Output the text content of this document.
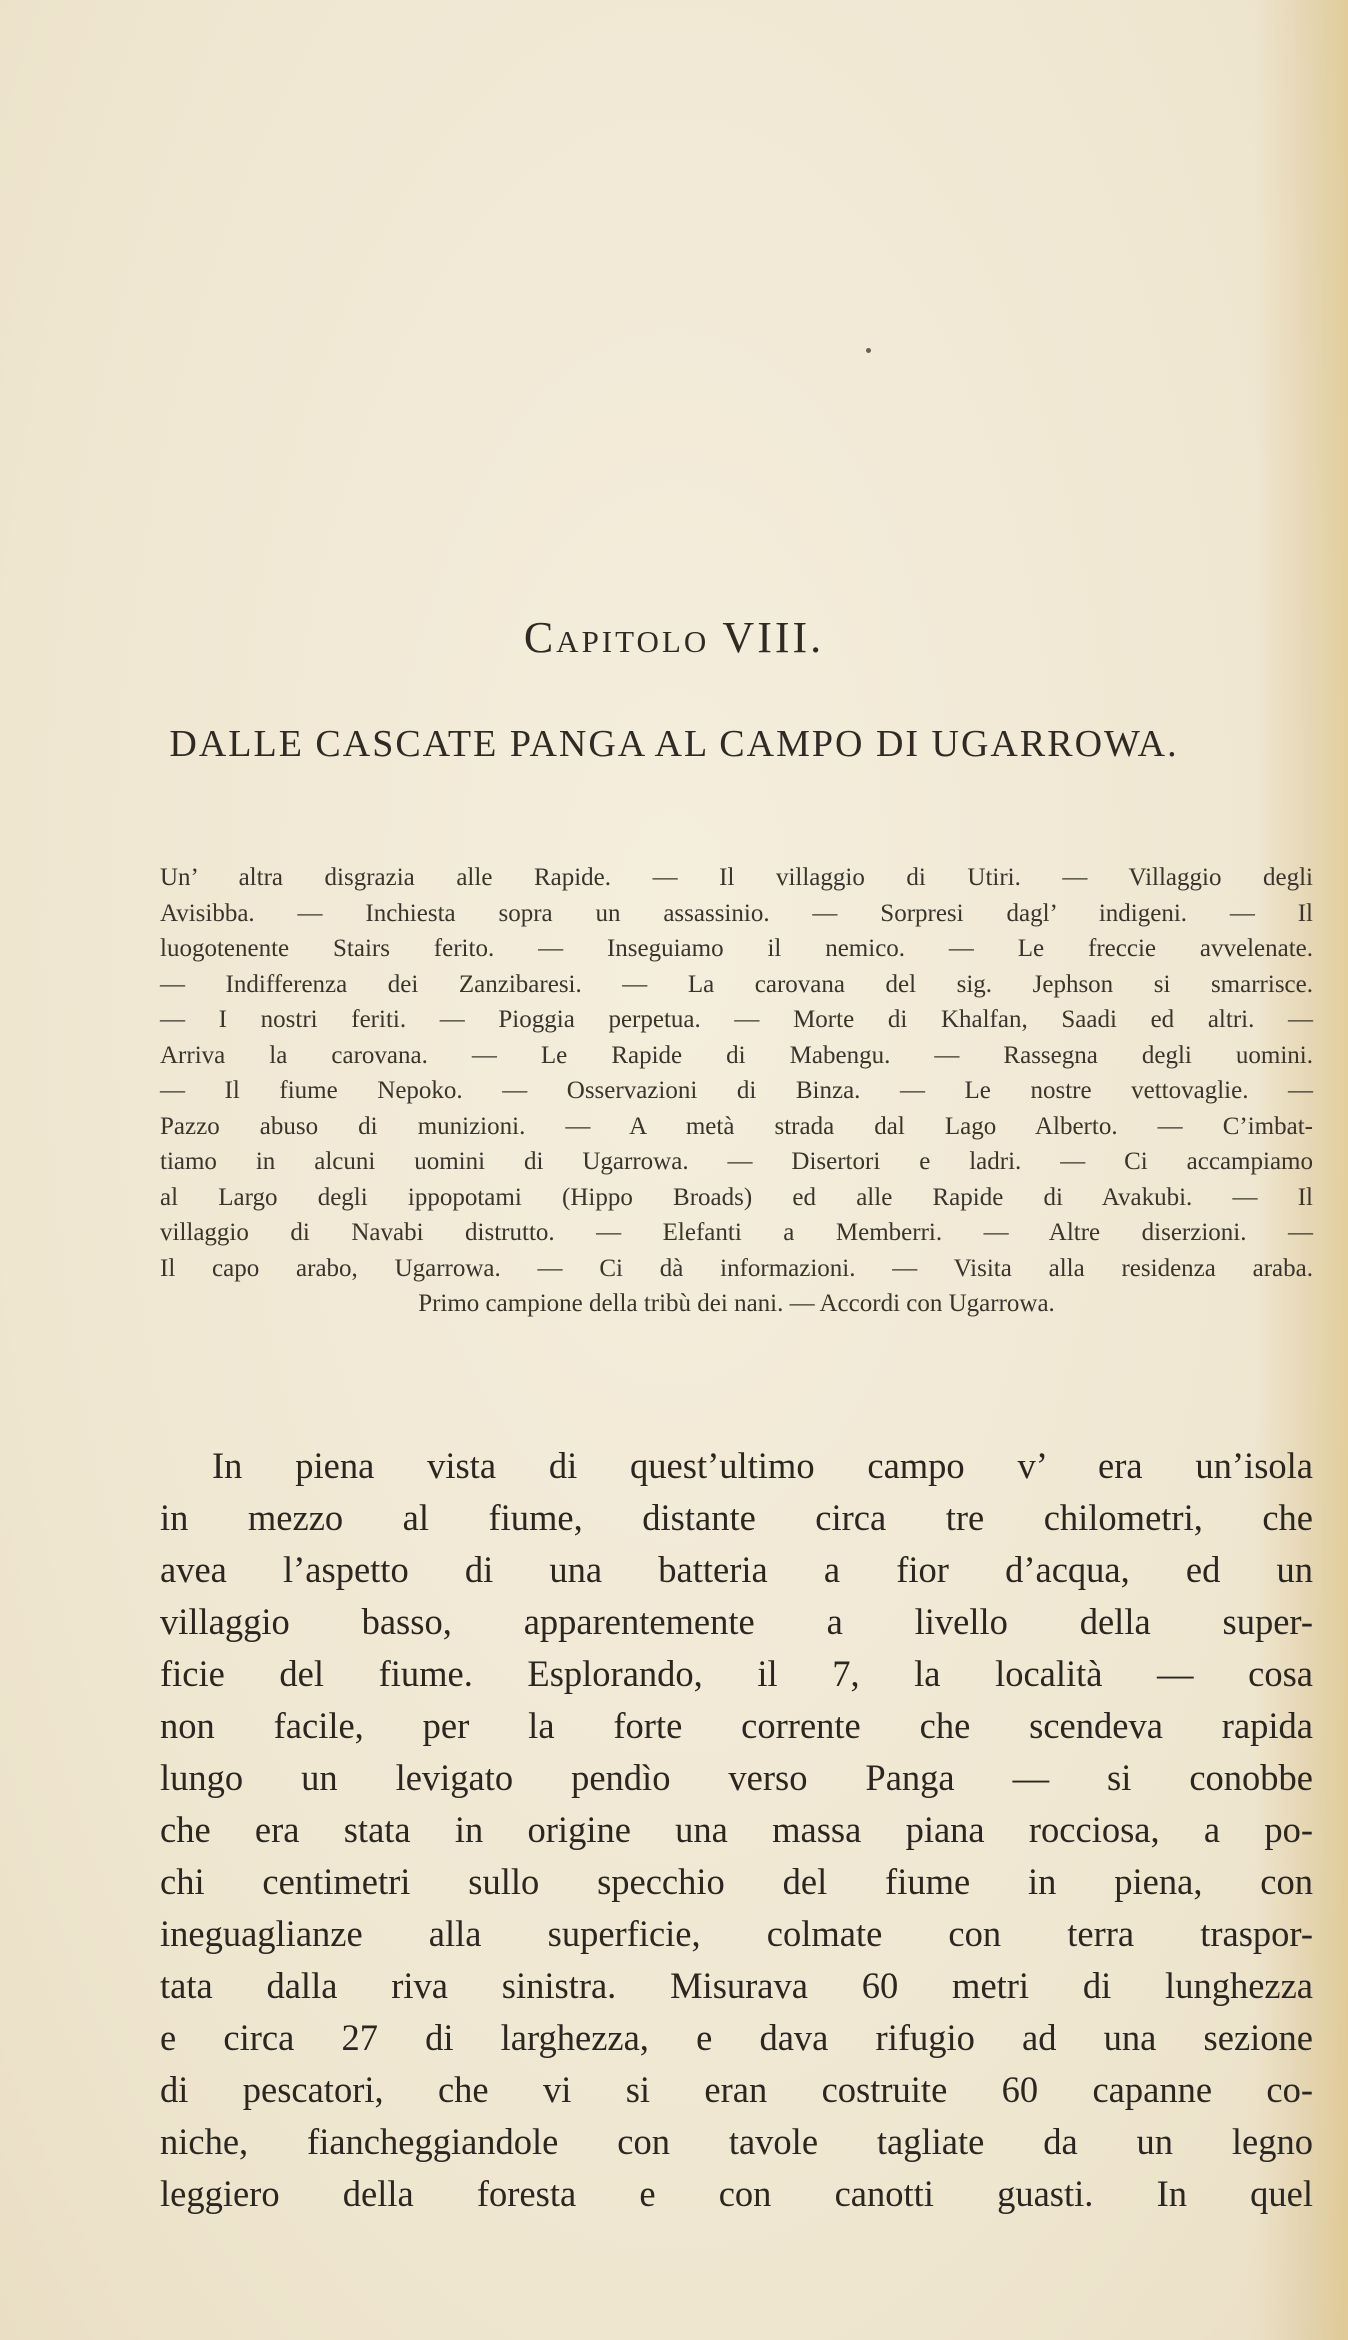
Capitolo VIII.
DALLE CASCATE PANGA AL CAMPO DI UGARROWA.
Un’ altra disgrazia alle Rapide. — Il villaggio di Utiri. — Villaggio degli
Avisibba. — Inchiesta sopra un assassinio. — Sorpresi dagl’ indigeni. — Il
luogotenente Stairs ferito. — Inseguiamo il nemico. — Le freccie avvelenate.
— Indifferenza dei Zanzibaresi. — La carovana del sig. Jephson si smarrisce.
— I nostri feriti. — Pioggia perpetua. — Morte di Khalfan, Saadi ed altri. —
Arriva la carovana. — Le Rapide di Mabengu. — Rassegna degli uomini.
— Il fiume Nepoko. — Osservazioni di Binza. — Le nostre vettovaglie. —
Pazzo abuso di munizioni. — A metà strada dal Lago Alberto. — C’imbat-
tiamo in alcuni uomini di Ugarrowa. — Disertori e ladri. — Ci accampiamo
al Largo degli ippopotami (Hippo Broads) ed alle Rapide di Avakubi. — Il
villaggio di Navabi distrutto. — Elefanti a Memberri. — Altre diserzioni. —
Il capo arabo, Ugarrowa. — Ci dà informazioni. — Visita alla residenza araba.
Primo campione della tribù dei nani. — Accordi con Ugarrowa.
In piena vista di quest’ultimo campo v’ era un’isola
in mezzo al fiume, distante circa tre chilometri, che
avea l’aspetto di una batteria a fior d’acqua, ed un
villaggio basso, apparentemente a livello della super-
ficie del fiume. Esplorando, il 7, la località — cosa
non facile, per la forte corrente che scendeva rapida
lungo un levigato pendìo verso Panga — si conobbe
che era stata in origine una massa piana rocciosa, a po-
chi centimetri sullo specchio del fiume in piena, con
ineguaglianze alla superficie, colmate con terra traspor-
tata dalla riva sinistra. Misurava 60 metri di lunghezza
e circa 27 di larghezza, e dava rifugio ad una sezione
di pescatori, che vi si eran costruite 60 capanne co-
niche, fiancheggiandole con tavole tagliate da un legno
leggiero della foresta e con canotti guasti. In quel
